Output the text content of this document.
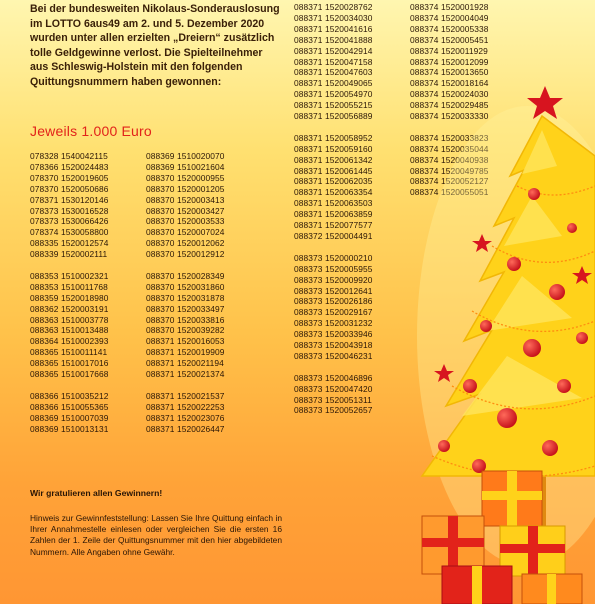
Bei der bundesweiten Nikolaus-Sonderauslosung im LOTTO 6aus49 am 2. und 5. Dezember 2020 wurden unter allen erzielten „Dreiern“ zusätzlich tolle Geldgewinne verlost. Die Spielteilnehmer aus Schleswig-Holstein mit den folgenden Quittungsnummern haben gewonnen:
Jeweils 1.000 Euro
078328 1540042115
078366 1520024483
078370 1520019605
078370 1520050686
078371 1530120146
078373 1530016528
078373 1530066426
078374 1530058800
088335 1520012574
088339 1520002111
088353 1510002321
088353 1510011768
088359 1520018980
088362 1520003191
088363 1510003778
088363 1510013488
088364 1510002393
088365 1510011141
088365 1510017016
088365 1510017668
088366 1510035212
088366 1510055365
088369 1510007039
088369 1510013131
088369 1510020070
088369 1510021604
088370 1520000955
088370 1520001205
088370 1520003413
088370 1520003427
088370 1520003533
088370 1520007024
088370 1520012062
088370 1520012912
088370 1520028349
088370 1520031860
088370 1520031878
088370 1520033497
088370 1520033816
088370 1520039282
088371 1520016053
088371 1520019909
088371 1520021194
088371 1520021374
088371 1520021537
088371 1520022253
088371 1520023076
088371 1520026447
088371 1520028762
088371 1520034030
088371 1520041616
088371 1520041888
088371 1520042914
088371 1520047158
088371 1520047603
088371 1520049065
088371 1520054970
088371 1520055215
088371 1520056889
088371 1520058952
088371 1520059160
088371 1520061342
088371 1520061445
088371 1520062035
088371 1520063354
088371 1520063503
088371 1520063859
088371 1520077577
088372 1520004491
088373 1520000210
088373 1520005955
088373 1520009920
088373 1520012641
088373 1520026186
088373 1520029167
088373 1520031232
088373 1520033946
088373 1520043918
088373 1520046231
088373 1520046896
088373 1520047420
088373 1520051311
088373 1520052657
088374 1520001928
088374 1520004049
088374 1520005338
088374 1520005451
088374 1520011929
088374 1520012099
088374 1520013650
088374 1520018164
088374 1520024030
088374 1520029485
088374 1520033330
088374 1520033823
088374 1520035044
088374 1520040938
088374 1520049785
088374 1520052127
088374 1520055051

Wir gratulieren allen Gewinnern!

Hinweis zur Gewinnfeststellung: Lassen Sie Ihre Quittung einfach in Ihrer Annahmestelle einlesen oder vergleichen Sie die ersten 16 Zahlen der 1. Zeile der Quittungsnummer mit den hier abgebildeten Nummern. Alle Angaben ohne Gewähr.
